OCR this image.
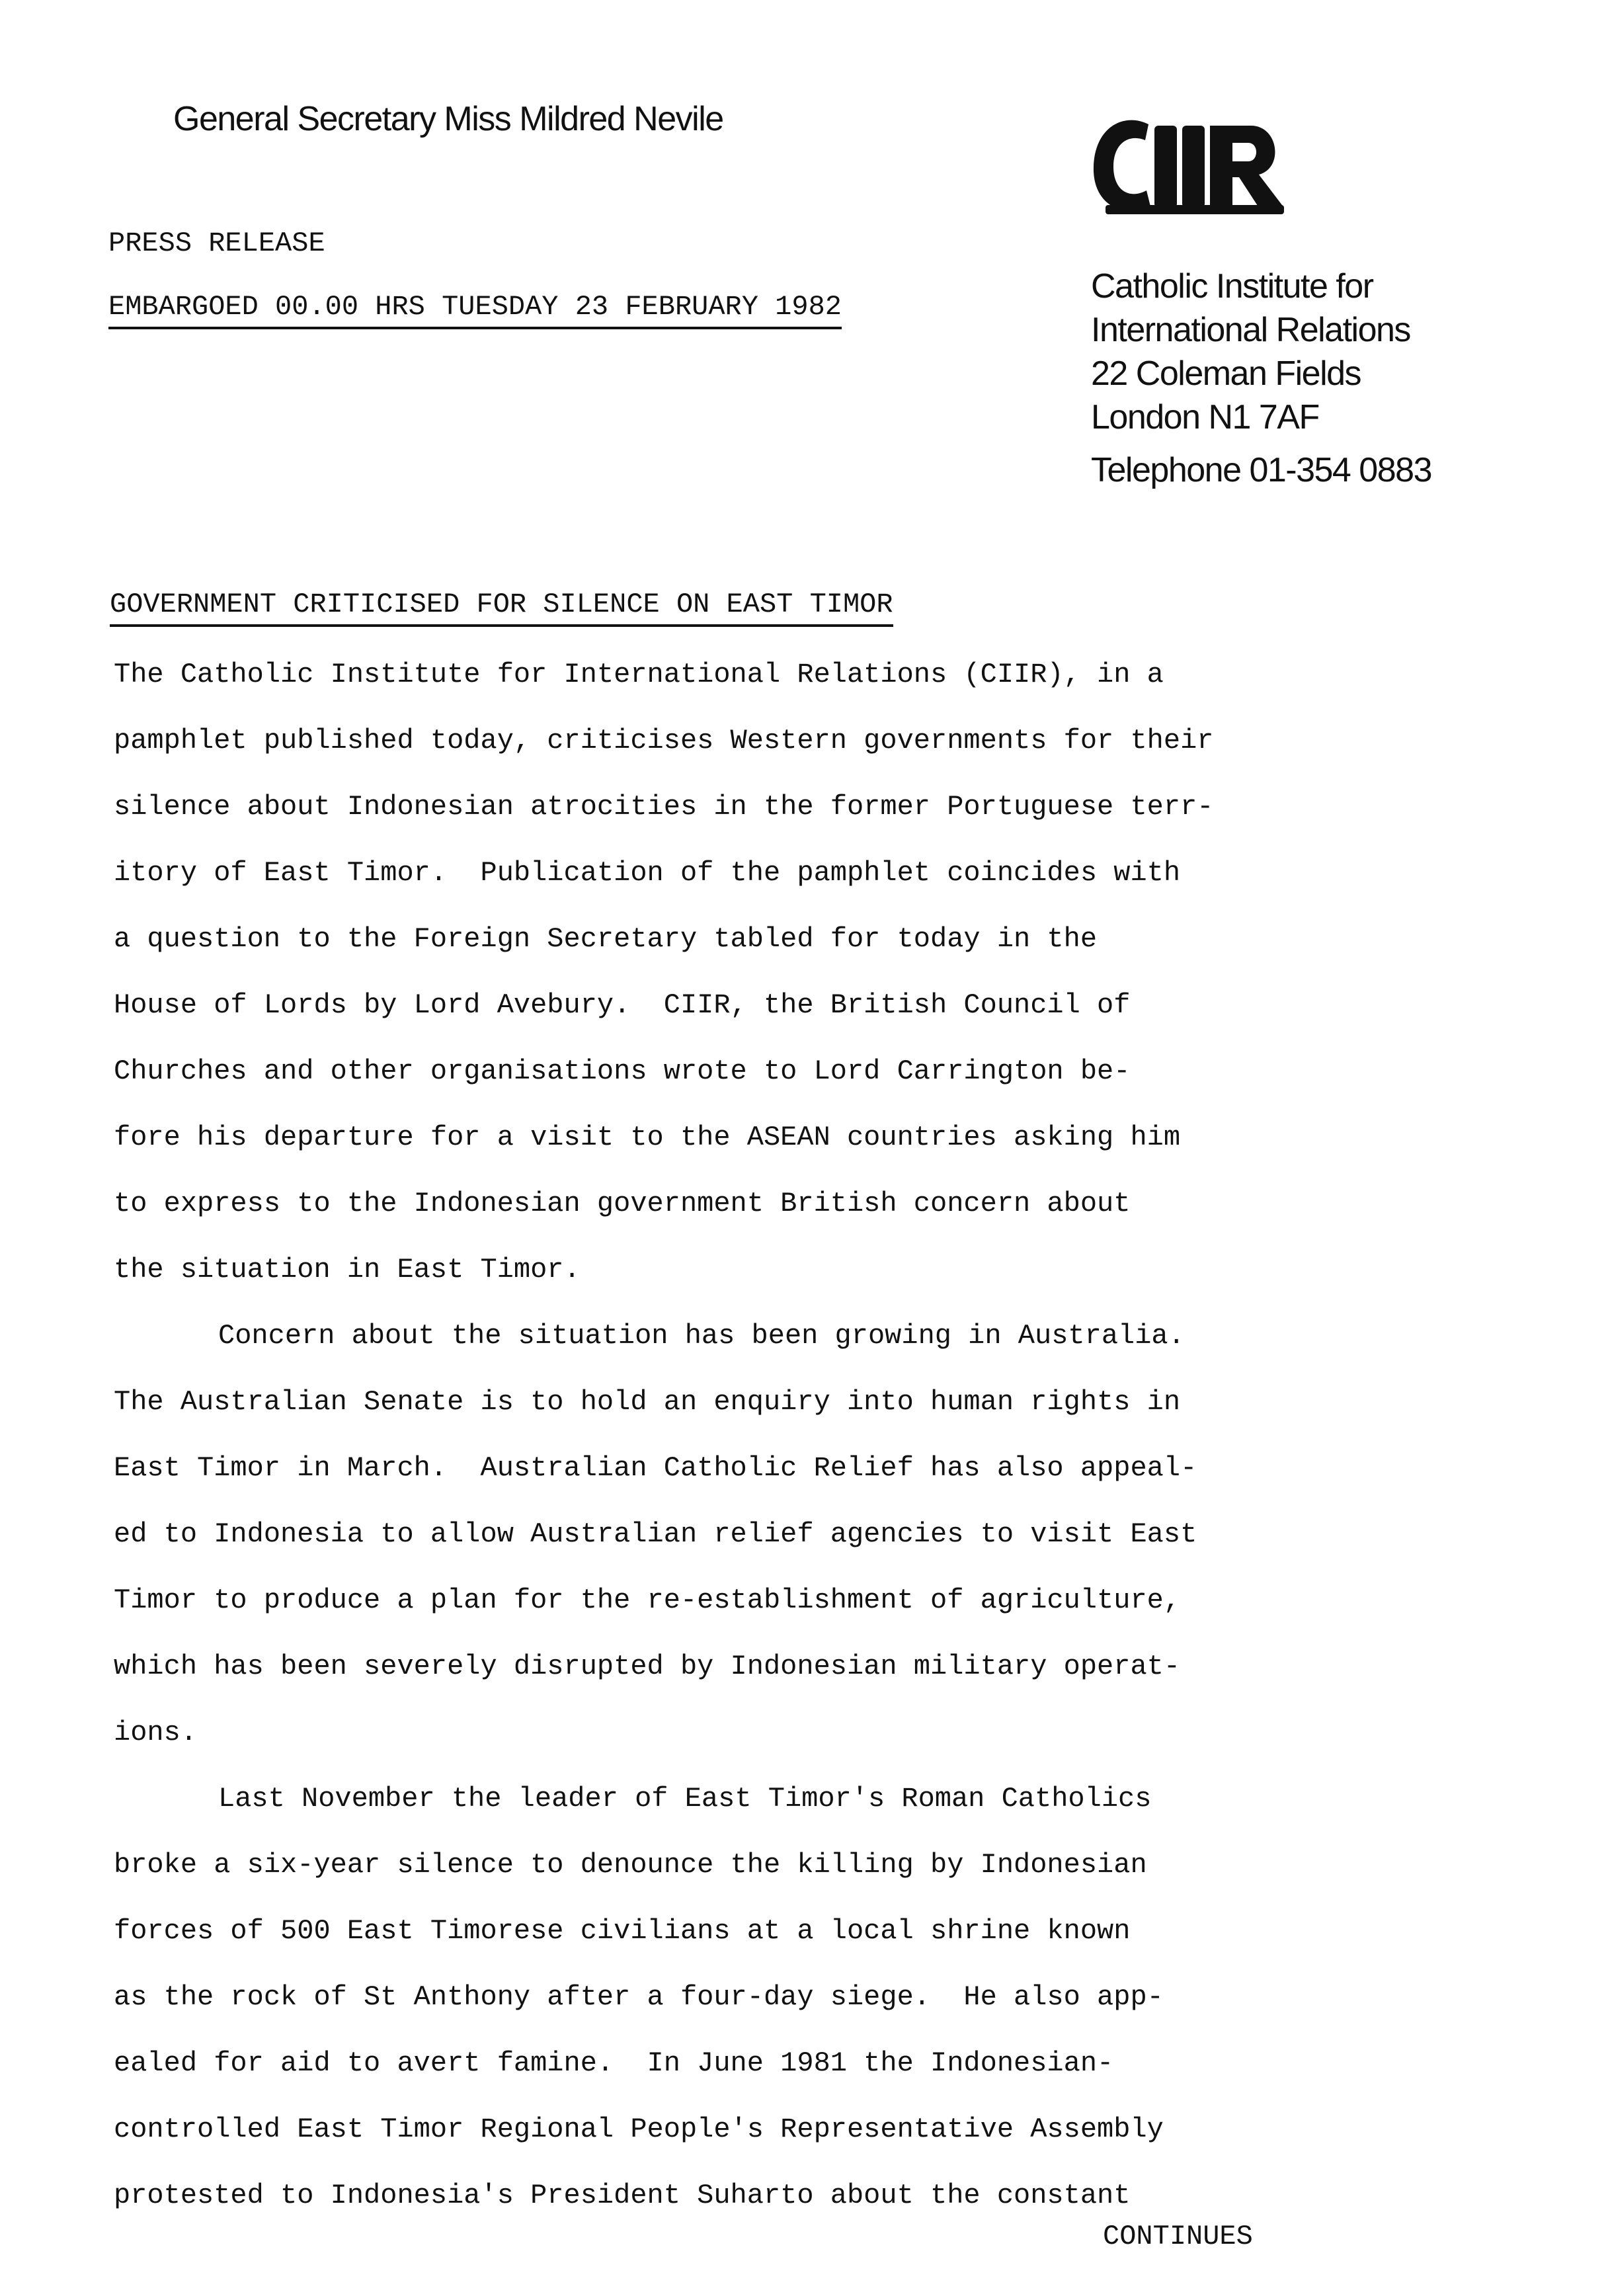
General Secretary Miss Mildred Nevile
Catholic Institute for
International Relations
22 Coleman Fields
London N1 7AF
Telephone 01-354 0883
PRESS RELEASE
EMBARGOED 00.00 HRS TUESDAY 23 FEBRUARY 1982
GOVERNMENT CRITICISED FOR SILENCE ON EAST TIMOR
The Catholic Institute for International Relations (CIIR), in a
pamphlet published today, criticises Western governments for their
silence about Indonesian atrocities in the former Portuguese terr-
itory of East Timor.  Publication of the pamphlet coincides with
a question to the Foreign Secretary tabled for today in the
House of Lords by Lord Avebury.  CIIR, the British Council of
Churches and other organisations wrote to Lord Carrington be-
fore his departure for a visit to the ASEAN countries asking him
to express to the Indonesian government British concern about
the situation in East Timor.
Concern about the situation has been growing in Australia.
The Australian Senate is to hold an enquiry into human rights in
East Timor in March.  Australian Catholic Relief has also appeal-
ed to Indonesia to allow Australian relief agencies to visit East
Timor to produce a plan for the re-establishment of agriculture,
which has been severely disrupted by Indonesian military operat-
ions.
Last November the leader of East Timor's Roman Catholics
broke a six-year silence to denounce the killing by Indonesian
forces of 500 East Timorese civilians at a local shrine known
as the rock of St Anthony after a four-day siege.  He also app-
ealed for aid to avert famine.  In June 1981 the Indonesian-
controlled East Timor Regional People's Representative Assembly
protested to Indonesia's President Suharto about the constant
CONTINUES
